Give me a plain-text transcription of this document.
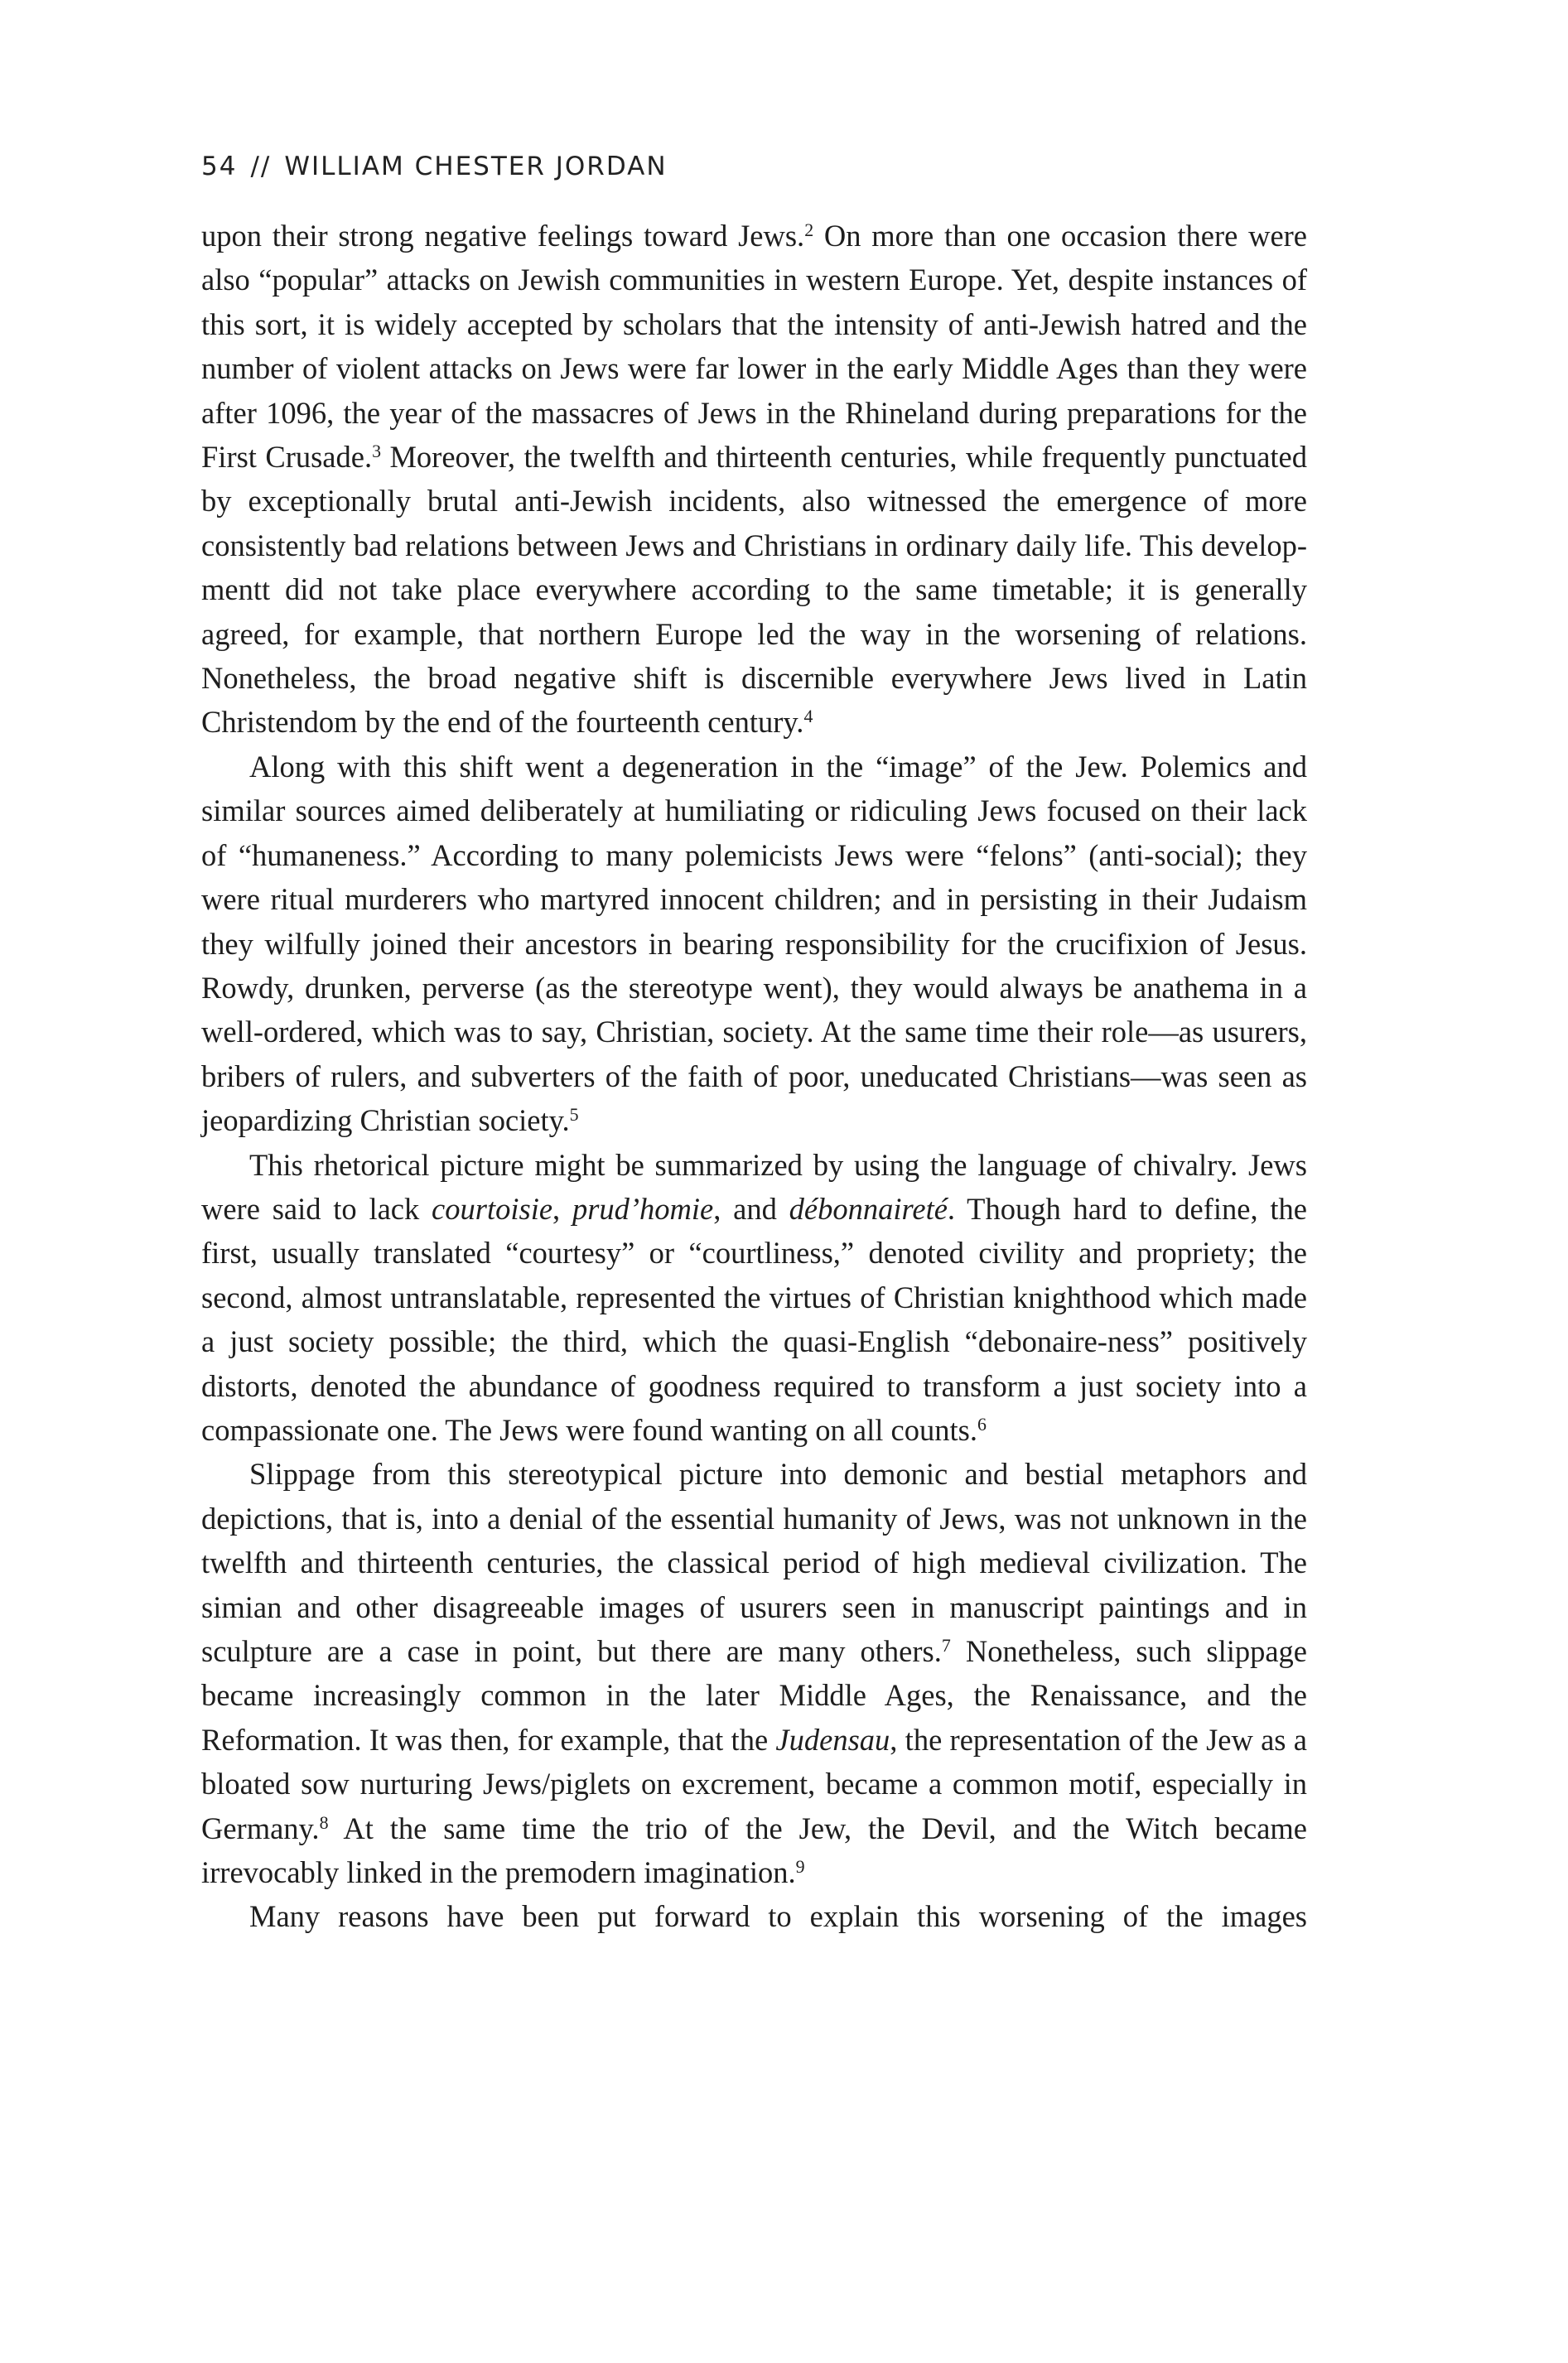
54 // WILLIAM CHESTER JORDAN

upon their strong negative feelings toward Jews.$^2$ On more than one occasion there were also “popular” attacks on Jewish communities in western Europe. Yet, despite instances of this sort, it is widely accepted by scholars that the intensity of anti-Jewish hatred and the number of violent attacks on Jews were far lower in the early Middle Ages than they were after 1096, the year of the massacres of Jews in the Rhineland during preparations for the First Crusade.$^3$ Moreover, the twelfth and thirteenth centuries, while frequently punctuated by exceptionally brutal anti-Jewish incidents, also witnessed the emergence of more consistently bad relations between Jews and Christians in ordinary daily life. This developmentt did not take place everywhere according to the same timetable; it is generally agreed, for example, that northern Europe led the way in the worsening of relations. Nonetheless, the broad negative shift is discernible everywhere Jews lived in Latin Christendom by the end of the fourteenth century.$^4$

Along with this shift went a degeneration in the “image” of the Jew. Polemics and similar sources aimed deliberately at humiliating or ridiculing Jews focused on their lack of “humaneness.” According to many polemicists Jews were “felons” (anti-social); they were ritual murderers who martyred innocent children; and in persisting in their Judaism they wilfully joined their ancestors in bearing responsibility for the crucifixion of Jesus. Rowdy, drunken, perverse (as the stereotype went), they would always be anathema in a well-ordered, which was to say, Christian, society. At the same time their role—as usurers, bribers of rulers, and subverters of the faith of poor, uneducated Christians—was seen as jeopardizing Christian society.$^5$

This rhetorical picture might be summarized by using the language of chivalry. Jews were said to lack courtoisie, prud’homie, and débonnaireté. Though hard to define, the first, usually translated “courtesy” or “courtliness,” denoted civility and propriety; the second, almost untranslatable, represented the virtues of Christian knighthood which made a just society possible; the third, which the quasi-English “debonaire-ness” positively distorts, denoted the abundance of goodness required to transform a just society into a compassionate one. The Jews were found wanting on all counts.$^6$

Slippage from this stereotypical picture into demonic and bestial metaphors and depictions, that is, into a denial of the essential humanity of Jews, was not unknown in the twelfth and thirteenth centuries, the classical period of high medieval civilization. The simian and other disagreeable images of usurers seen in manuscript paintings and in sculpture are a case in point, but there are many others.$^7$ Nonetheless, such slippage became increasingly common in the later Middle Ages, the Renaissance, and the Reformation. It was then, for example, that the Judensau, the representation of the Jew as a bloated sow nurturing Jews/piglets on excrement, became a common motif, especially in Germany.$^8$ At the same time the trio of the Jew, the Devil, and the Witch became irrevocably linked in the premodern imagination.$^9$

Many reasons have been put forward to explain this worsening of the images
